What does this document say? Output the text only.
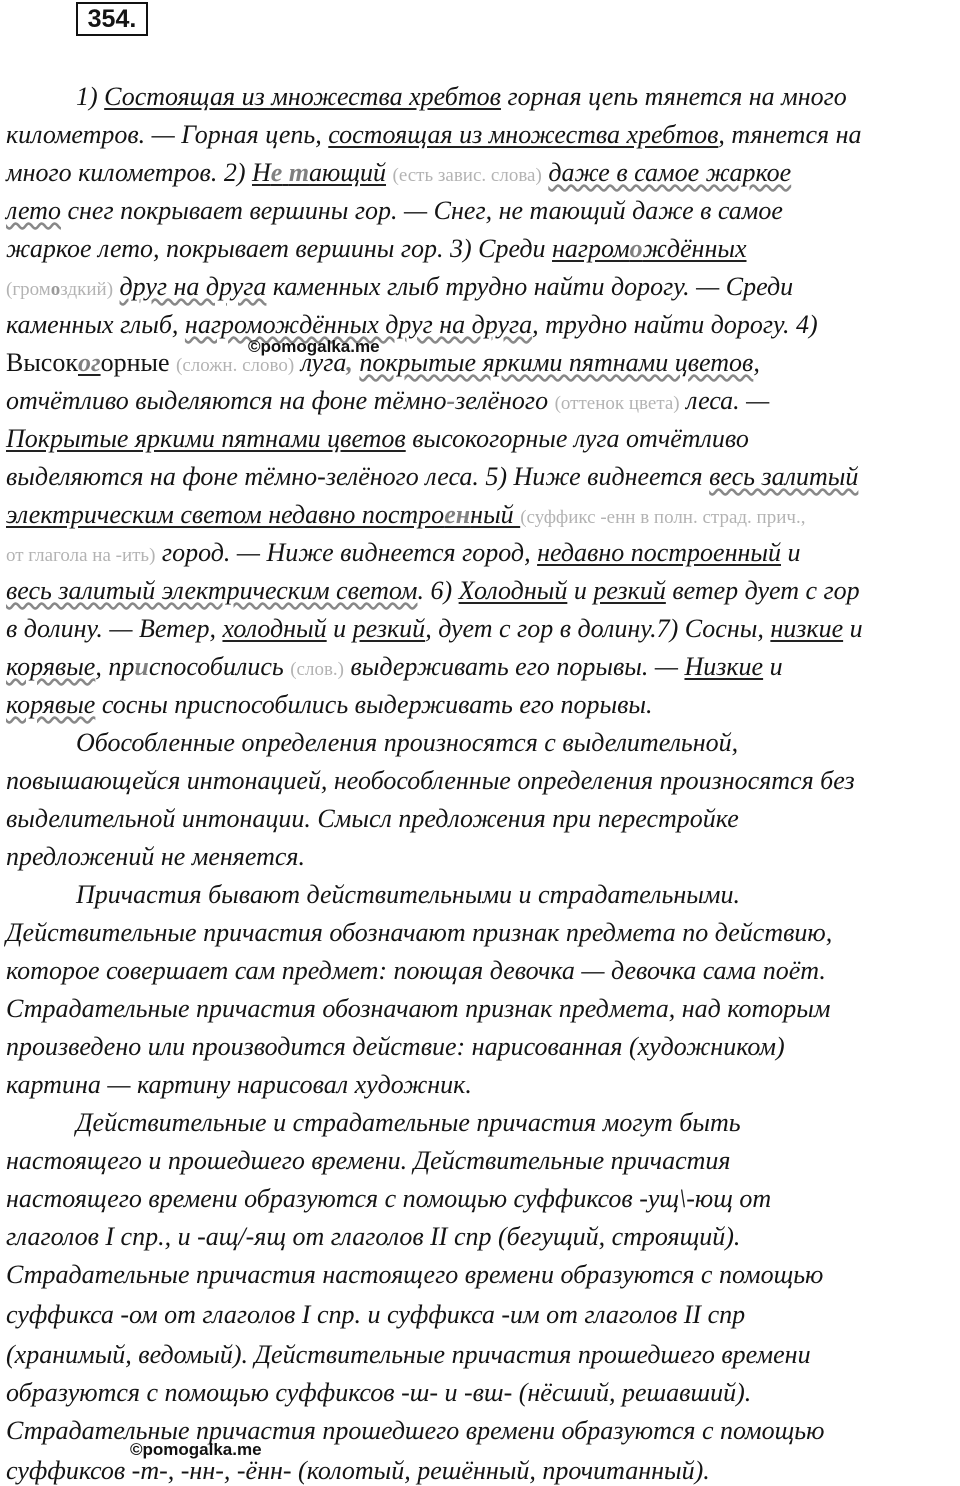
354.
1) Состоящая из множества хребтов горная цепь тянется на много
километров. — Горная цепь, состоящая из множества хребтов, тянется на
много километров. 2) Не тающий (есть завис. слова) даже в самое жаркое
лето снег покрывает вершины гор. — Снег, не тающий даже в самое
жаркое лето, покрывает вершины гор. 3) Среди нагромождённых
(громоздкий) друг на друга каменных глыб трудно найти дорогу. — Среди
каменных глыб, нагромождённых друг на друга, трудно найти дорогу. 4)
©pomogalka.me
Высокогорные (сложн. слово) луга, покрытые яркими пятнами цветов,
отчётливо выделяются на фоне тёмно-зелёного (оттенок цвета) леса. —
Покрытые яркими пятнами цветов высокогорные луга отчётливо
выделяются на фоне тёмно-зелёного леса. 5) Ниже виднеется весь залитый
электрическим светом недавно построенный (суффикс -енн в полн. страд. прич.,
от глагола на -ить) город. — Ниже виднеется город, недавно построенный и
весь залитый электрическим светом. 6) Холодный и резкий ветер дует с гор
в долину. — Ветер, холодный и резкий, дует с гор в долину.7) Сосны, низкие и
корявые, приспособились (слов.) выдерживать его порывы. — Низкие и
корявые сосны приспособились выдерживать его порывы.
Обособленные определения произносятся с выделительной,
повышающейся интонацией, необособленные определения произносятся без
выделительной интонации. Смысл предложения при перестройке
предложений не меняется.
Причастия бывают действительными и страдательными.
Действительные причастия обозначают признак предмета по действию,
которое совершает сам предмет: поющая девочка — девочка сама поёт.
Страдательные причастия обозначают признак предмета, над которым
произведено или производится действие: нарисованная (художником)
картина — картину нарисовал художник.
Действительные и страдательные причастия могут быть
настоящего и прошедшего времени. Действительные причастия
настоящего времени образуются с помощью суффиксов -ущ\-ющ от
глаголов I спр., и -ащ/-ящ от глаголов II спр (бегущий, строящий).
Страдательные причастия настоящего времени образуются с помощью
суффикса -ом от глаголов I спр. и суффикса -им от глаголов II спр
(хранимый, ведомый). Действительные причастия прошедшего времени
образуются с помощью суффиксов -ш- и -вш- (нёсший, решавший).
Страдательные причастия прошедшего времени образуются с помощью
©pomogalka.me
суффиксов -т-, -нн-, -ённ- (колотый, решённый, прочитанный).
